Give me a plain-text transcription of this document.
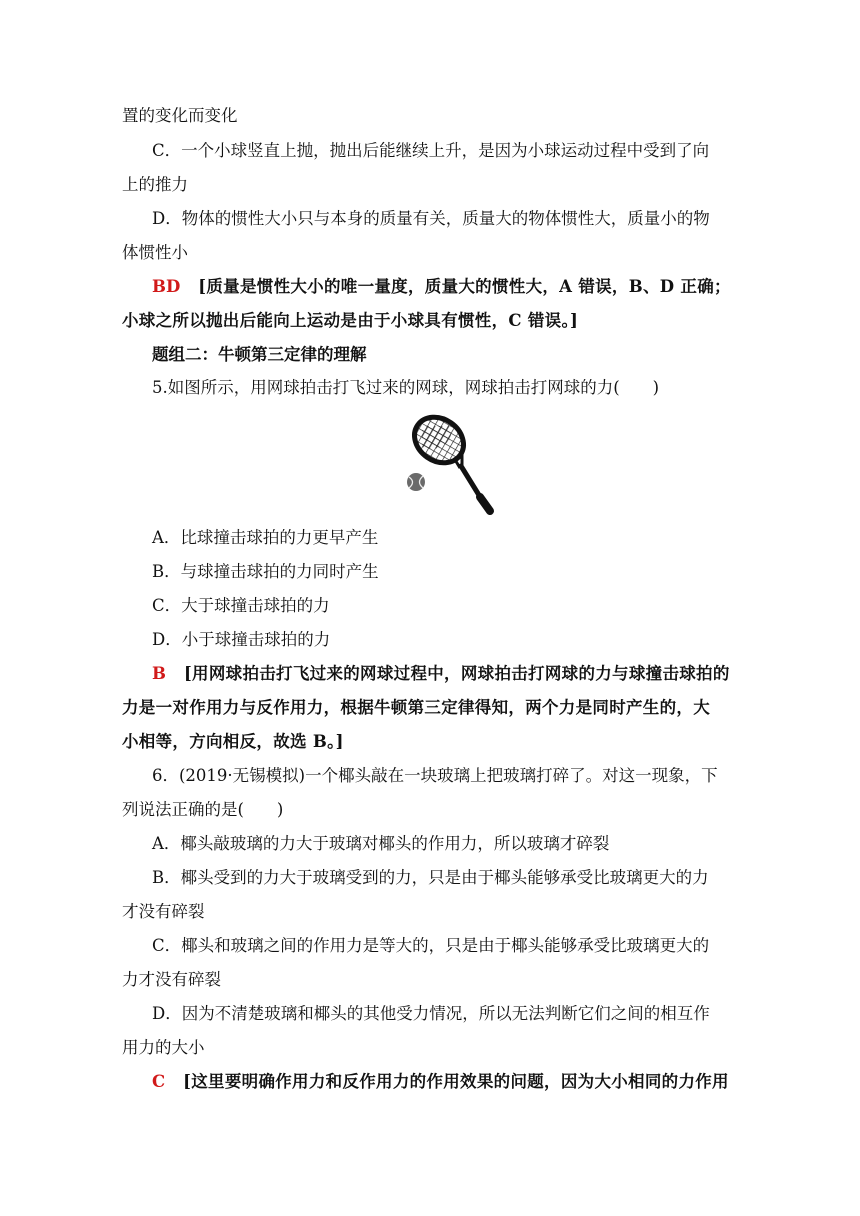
置的变化而变化
C．一个小球竖直上抛，抛出后能继续上升，是因为小球运动过程中受到了向
上的推力
D．物体的惯性大小只与本身的质量有关，质量大的物体惯性大，质量小的物
体惯性小
BD [质量是惯性大小的唯一量度，质量大的惯性大，A 错误，B、D 正确；
小球之所以抛出后能向上运动是由于小球具有惯性，C 错误。]
题组二：牛顿第三定律的理解
5.如图所示，用网球拍击打飞过来的网球，网球拍击打网球的力(　　)
A．比球撞击球拍的力更早产生
B．与球撞击球拍的力同时产生
C．大于球撞击球拍的力
D．小于球撞击球拍的力
B [用网球拍击打飞过来的网球过程中，网球拍击打网球的力与球撞击球拍的
力是一对作用力与反作用力，根据牛顿第三定律得知，两个力是同时产生的，大
小相等，方向相反，故选 B。]
6．(2019·无锡模拟)一个椰头敲在一块玻璃上把玻璃打碎了。对这一现象，下
列说法正确的是(　　)
A．椰头敲玻璃的力大于玻璃对椰头的作用力，所以玻璃才碎裂
B．椰头受到的力大于玻璃受到的力，只是由于椰头能够承受比玻璃更大的力
才没有碎裂
C．椰头和玻璃之间的作用力是等大的，只是由于椰头能够承受比玻璃更大的
力才没有碎裂
D．因为不清楚玻璃和椰头的其他受力情况，所以无法判断它们之间的相互作
用力的大小
C [这里要明确作用力和反作用力的作用效果的问题，因为大小相同的力作用
